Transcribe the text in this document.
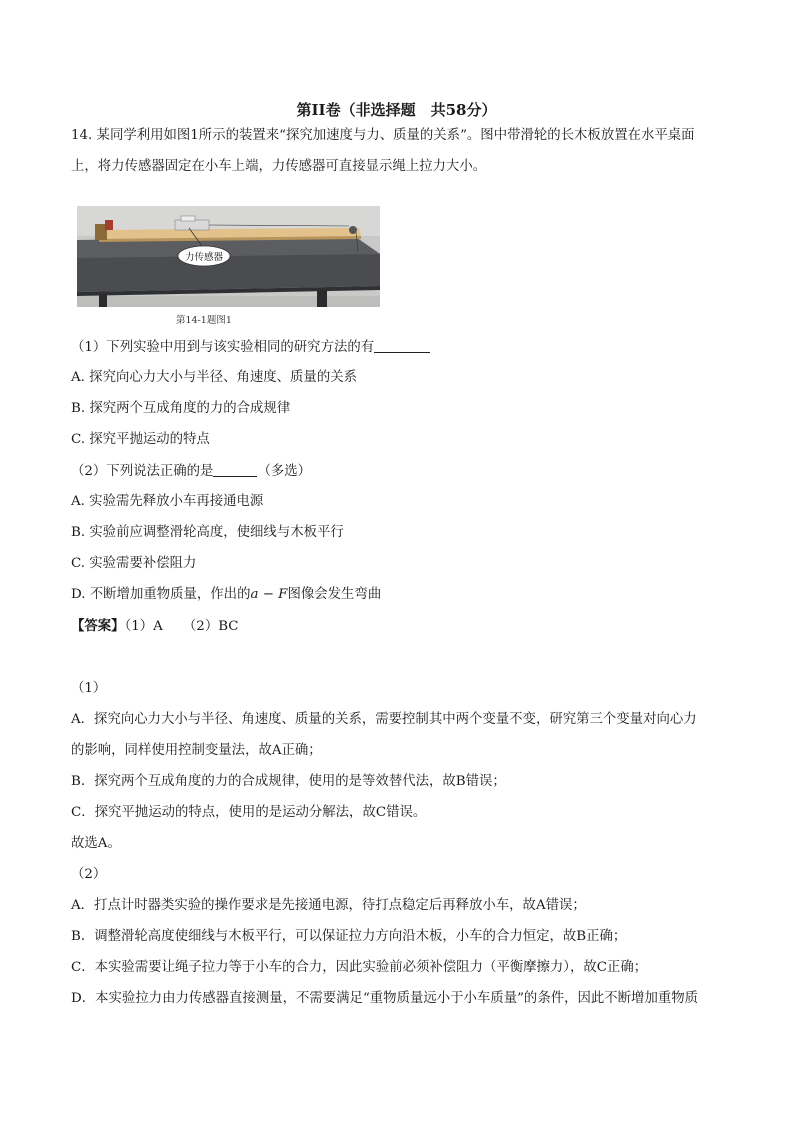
第II卷（非选择题　共58分）
14. 某同学利用如图1所示的装置来“探究加速度与力、质量的关系”。图中带滑轮的长木板放置在水平桌面
上，将力传感器固定在小车上端，力传感器可直接显示绳上拉力大小。
力传感器
第14-1题图1
（1）下列实验中用到与该实验相同的研究方法的有
A. 探究向心力大小与半径、角速度、质量的关系
B. 探究两个互成角度的力的合成规律
C. 探究平抛运动的特点
（2）下列说法正确的是	（多选）
A. 实验需先释放小车再接通电源
B. 实验前应调整滑轮高度，使细线与木板平行
C. 实验需要补偿阻力
D. 不断增加重物质量，作出的a − F图像会发生弯曲
【答案】（1）A　　（2）BC
（1）
A．探究向心力大小与半径、角速度、质量的关系，需要控制其中两个变量不变，研究第三个变量对向心力
的影响，同样使用控制变量法，故A正确；
B．探究两个互成角度的力的合成规律，使用的是等效替代法，故B错误；
C．探究平抛运动的特点，使用的是运动分解法，故C错误。
故选A。
（2）
A．打点计时器类实验的操作要求是先接通电源，待打点稳定后再释放小车，故A错误；
B．调整滑轮高度使细线与木板平行，可以保证拉力方向沿木板，小车的合力恒定，故B正确；
C．本实验需要让绳子拉力等于小车的合力，因此实验前必须补偿阻力（平衡摩擦力），故C正确；
D．本实验拉力由力传感器直接测量，不需要满足“重物质量远小于小车质量”的条件，因此不断增加重物质
